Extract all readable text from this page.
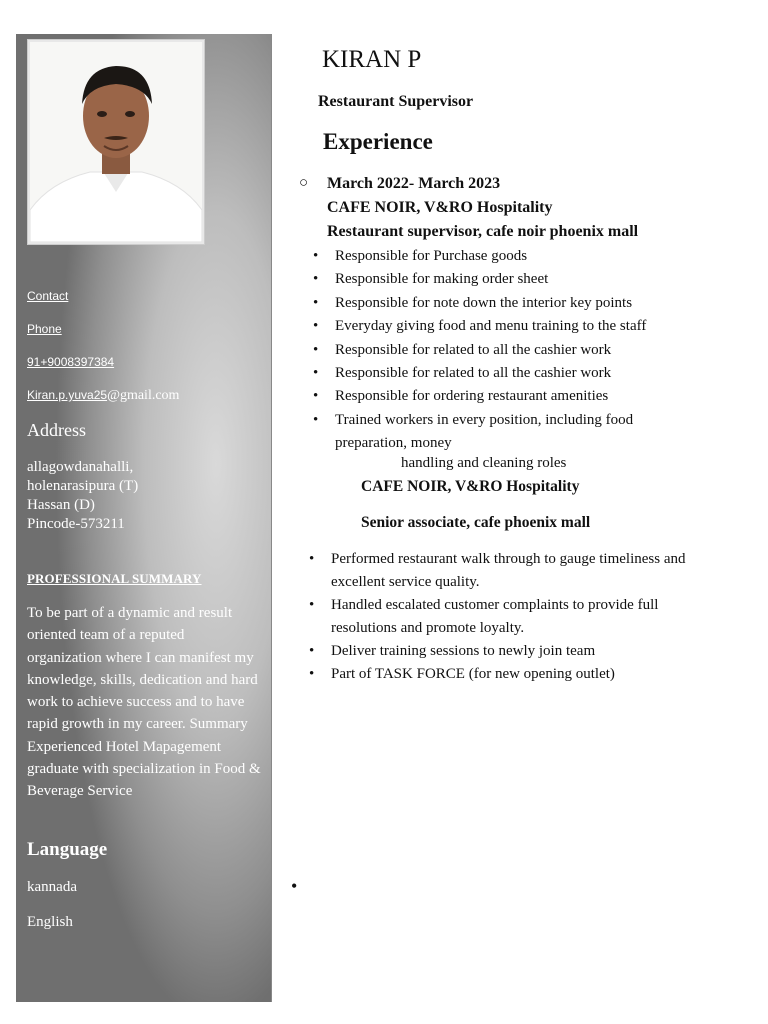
Contact
Phone
91+9008397384
Kiran.p.yuva25@gmail.com
Address
allagowdanahalli,
holenarasipura (T)
Hassan (D)
Pincode-573211
PROFESSIONAL SUMMARY
To be part of a dynamic and result oriented team of a reputed organization where I can manifest my knowledge, skills, dedication and hard work to achieve success and to have rapid growth in my career. Summary Experienced Hotel Mapagement graduate with specialization in Food & Beverage Service
Language
kannada
English
KIRAN P
Restaurant Supervisor
Experience
○ March 2022- March 2023
CAFE NOIR, V&RO Hospitality
Restaurant supervisor, cafe noir phoenix mall
• Responsible for Purchase goods
• Responsible for making order sheet
• Responsible for note down the interior key points
• Everyday giving food and menu training to the staff
• Responsible for related to all the cashier work
• Responsible for related to all the cashier work
• Responsible for ordering restaurant amenities
• Trained workers in every position, including food preparation, money
handling and cleaning roles
CAFE NOIR, V&RO Hospitality
Senior associate, cafe phoenix mall
• Performed restaurant walk through to gauge timeliness and excellent service quality.
• Handled escalated customer complaints to provide full resolutions and promote loyalty.
• Deliver training sessions to newly join team
• Part of TASK FORCE (for new opening outlet)
•
